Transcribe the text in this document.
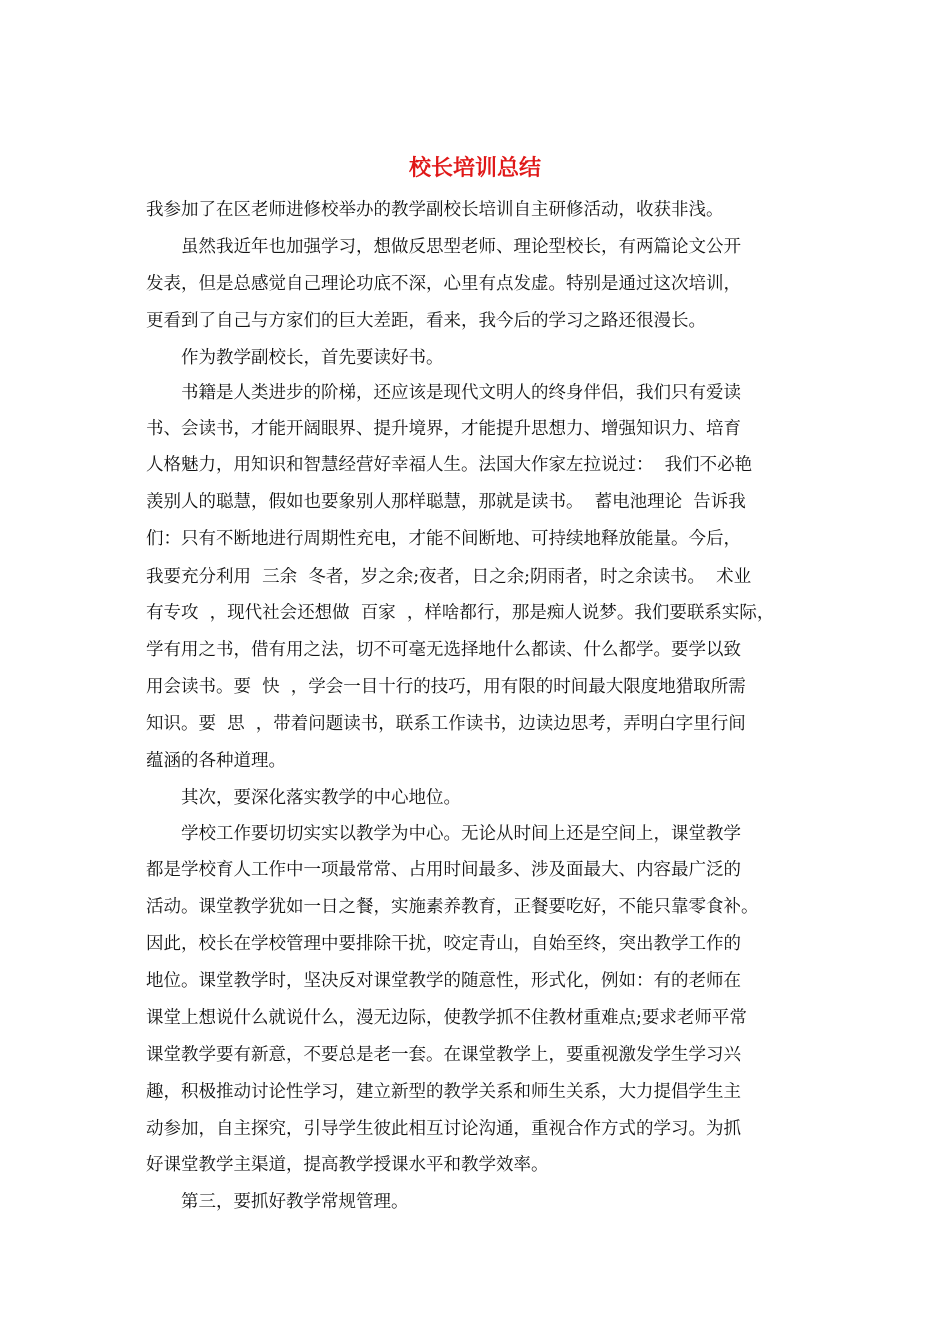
校长培训总结

我参加了在区老师进修校举办的教学副校长培训自主研修活动，收获非浅。

虽然我近年也加强学习，想做反思型老师、理论型校长，有两篇论文公开

发表，但是总感觉自己理论功底不深，心里有点发虚。特别是通过这次培训，

更看到了自己与方家们的巨大差距，看来，我今后的学习之路还很漫长。

作为教学副校长，首先要读好书。

书籍是人类进步的阶梯，还应该是现代文明人的终身伴侣，我们只有爱读

书、会读书，才能开阔眼界、提升境界，才能提升思想力、增强知识力、培育

人格魅力，用知识和智慧经营好幸福人生。法国大作家左拉说过：  我们不必艳

羡别人的聪慧，假如也要象别人那样聪慧，那就是读书。  蓄电池理论  告诉我

们：只有不断地进行周期性充电，才能不间断地、可持续地释放能量。今后，

我要充分利用  三余  冬者，岁之余;夜者，日之余;阴雨者，时之余读书。  术业

有专攻  ，现代社会还想做  百家  ，样啥都行，那是痴人说梦。我们要联系实际，

学有用之书，借有用之法，切不可毫无选择地什么都读、什么都学。要学以致

用会读书。要  快  ，学会一目十行的技巧，用有限的时间最大限度地猎取所需

知识。要  思  ，带着问题读书，联系工作读书，边读边思考，弄明白字里行间

蕴涵的各种道理。

其次，要深化落实教学的中心地位。

学校工作要切切实实以教学为中心。无论从时间上还是空间上，课堂教学

都是学校育人工作中一项最常常、占用时间最多、涉及面最大、内容最广泛的

活动。课堂教学犹如一日之餐，实施素养教育，正餐要吃好，不能只靠零食补。

因此，校长在学校管理中要排除干扰，咬定青山，自始至终，突出教学工作的

地位。课堂教学时，坚决反对课堂教学的随意性，形式化，例如：有的老师在

课堂上想说什么就说什么，漫无边际，使教学抓不住教材重难点;要求老师平常

课堂教学要有新意，不要总是老一套。在课堂教学上，要重视激发学生学习兴

趣，积极推动讨论性学习，建立新型的教学关系和师生关系，大力提倡学生主

动参加，自主探究，引导学生彼此相互讨论沟通，重视合作方式的学习。为抓

好课堂教学主渠道，提高教学授课水平和教学效率。

第三，要抓好教学常规管理。
